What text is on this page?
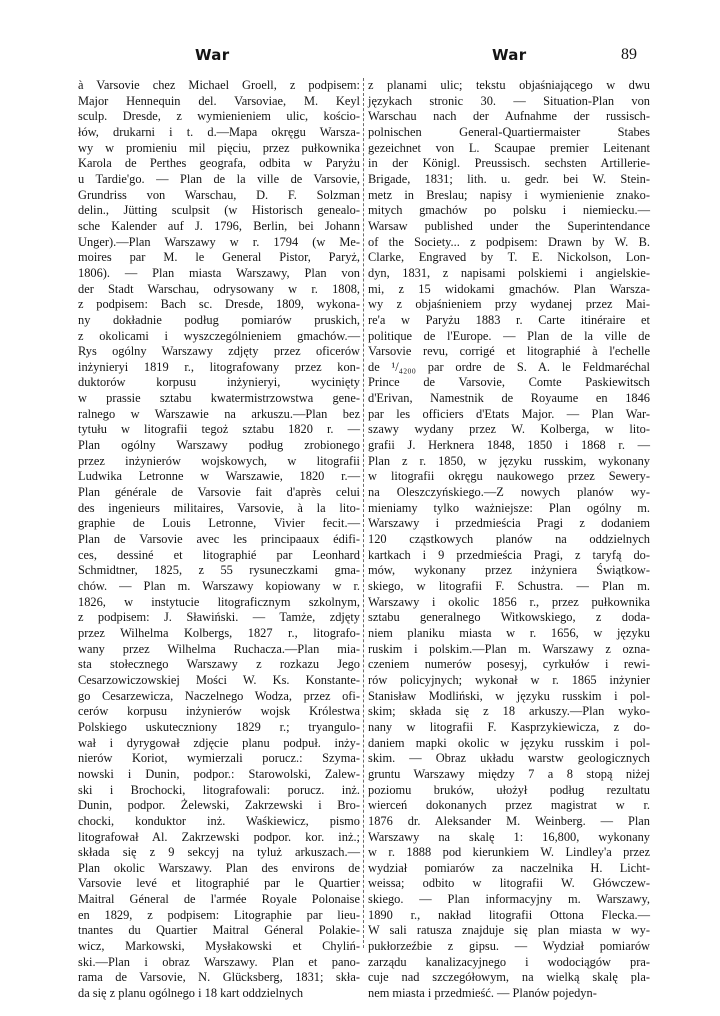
War	War	89
à Varsovie chez Michael Groell, z podpisem:
Major Hennequin del. Varsoviae, M. Keyl
sculp. Dresde, z wymienieniem ulic, kościo-
łów, drukarni i t. d.—Mapa okręgu Warsza-
wy w promieniu mil pięciu, przez pułkownika
Karola de Perthes geografa, odbita w Paryżu
u Tardie'go. — Plan de la ville de Varsovie,
Grundriss von Warschau, D. F. Solzman
delin., Jütting sculpsit (w Historisch genealo-
sche Kalender auf J. 1796, Berlin, bei Johann
Unger).—Plan Warszawy w r. 1794 (w Me-
moires par M. le General Pistor, Paryż,
1806). — Plan miasta Warszawy, Plan von
der Stadt Warschau, odrysowany w r. 1808,
z podpisem: Bach sc. Dresde, 1809, wykona-
ny dokładnie podług pomiarów pruskich,
z okolicami i wyszczególnieniem gmachów.—
Rys ogólny Warszawy zdjęty przez oficerów
inżynieryi 1819 r., litografowany przez kon-
duktorów korpusu inżynieryi, wycinięty
w prassie sztabu kwatermistrzowstwa gene-
ralnego w Warszawie na arkuszu.—Plan bez
tytułu w litografii tegoż sztabu 1820 r. —
Plan ogólny Warszawy podług zrobionego
przez inżynierów wojskowych, w litografii
Ludwika Letronne w Warszawie, 1820 r.—
Plan générale de Varsovie fait d'après celui
des ingenieurs militaires, Varsovie, à la lito-
graphie de Louis Letronne, Vivier fecit.—
Plan de Varsovie avec les principaaux édifi-
ces, dessiné et litographié par Leonhard
Schmidtner, 1825, z 55 rysuneczkami gma-
chów. — Plan m. Warszawy kopiowany w r.
1826, w instytucie litograficznym szkolnym,
z podpisem: J. Sławiński. — Tamże, zdjęty
przez Wilhelma Kolbergs, 1827 r., litografo-
wany przez Wilhelma Ruchacza.—Plan mia-
sta stołecznego Warszawy z rozkazu Jego
Cesarzowiczowskiej Mości W. Ks. Konstante-
go Cesarzewicza, Naczelnego Wodza, przez ofi-
cerów korpusu inżynierów wojsk Królestwa
Polskiego uskuteczniony 1829 r.; tryangulo-
wał i dyrygował zdjęcie planu podpuł. inży-
nierów Koriot, wymierzali porucz.: Szyma-
nowski i Dunin, podpor.: Starowolski, Zalew-
ski i Brochocki, litografowali: porucz. inż.
Dunin, podpor. Żelewski, Zakrzewski i Bro-
chocki, konduktor inż. Waśkiewicz, pismo
litografował Al. Zakrzewski podpor. kor. inż.;
składa się z 9 sekcyj na tyluż arkuszach.—
Plan okolic Warszawy. Plan des environs de
Varsovie levé et litographié par le Quartier
Maitral Géneral de l'armée Royale Polonaise
en 1829, z podpisem: Litographie par lieu-
tnantes du Quartier Maitral Géneral Polakie-
wicz, Markowski, Mysłakowski et Chyliń-
ski.—Plan i obraz Warszawy. Plan et pano-
rama de Varsovie, N. Glücksberg, 1831; skła-
da się z planu ogólnego i 18 kart oddzielnych
z planami ulic; tekstu objaśniającego w dwu
językach stronic 30. — Situation-Plan von
Warschau nach der Aufnahme der russisch-
polnischen General-Quartiermaister Stabes
gezeichnet von L. Scaupae premier Leitenant
in der Königl. Preussisch. sechsten Artillerie-
Brigade, 1831; lith. u. gedr. bei W. Stein-
metz in Breslau; napisy i wymienienie znako-
mitych gmachów po polsku i niemiecku.—
Warsaw published under the Superintendance
of the Society... z podpisem: Drawn by W. B.
Clarke, Engraved by T. E. Nickolson, Lon-
dyn, 1831, z napisami polskiemi i angielskie-
mi, z 15 widokami gmachów. Plan Warsza-
wy z objaśnieniem przy wydanej przez Mai-
re'a w Paryżu 1883 r. Carte itinéraire et
politique de l'Europe. — Plan de la ville de
Varsovie revu, corrigé et litographié à l'echelle
de ¹/₄₂₀₀ par ordre de S. A. le Feldmaréchal
Prince de Varsovie, Comte Paskiewitsch
d'Erivan, Namestnik de Royaume en 1846
par les officiers d'Etats Major. — Plan War-
szawy wydany przez W. Kolberga, w lito-
grafii J. Herknera 1848, 1850 i 1868 r. —
Plan z r. 1850, w języku russkim, wykonany
w litografii okręgu naukowego przez Sewery-
na Oleszczyńskiego.—Z nowych planów wy-
mieniamy tylko ważniejsze: Plan ogólny m.
Warszawy i przedmieścia Pragi z dodaniem
120 cząstkowych planów na oddzielnych
kartkach i 9 przedmieścia Pragi, z taryfą do-
mów, wykonany przez inżyniera Świątkow-
skiego, w litografii F. Schustra. — Plan m.
Warszawy i okolic 1856 r., przez pułkownika
sztabu generalnego Witkowskiego, z doda-
niem planiku miasta w r. 1656, w języku
ruskim i polskim.—Plan m. Warszawy z ozna-
czeniem numerów posesyj, cyrkułów i rewi-
rów policyjnych; wykonał w r. 1865 inżynier
Stanisław Modliński, w języku russkim i pol-
skim; składa się z 18 arkuszy.—Plan wyko-
nany w litografii F. Kasprzykiewicza, z do-
daniem mapki okolic w języku russkim i pol-
skim. — Obraz układu warstw geologicznych
gruntu Warszawy między 7 a 8 stopą niżej
poziomu bruków, ułożył podług rezultatu
wierceń dokonanych przez magistrat w r.
1876 dr. Aleksander M. Weinberg. — Plan
Warszawy na skalę 1: 16,800, wykonany
w r. 1888 pod kierunkiem W. Lindley'a przez
wydział pomiarów za naczelnika H. Licht-
weissa; odbito w litografii W. Główczew-
skiego. — Plan informacyjny m. Warszawy,
1890 r., nakład litografii Ottona Flecka.—
W sali ratusza znajduje się plan miasta w wy-
pukłorzeźbie z gipsu. — Wydział pomiarów
zarządu kanalizacyjnego i wodociągów pra-
cuje nad szczegółowym, na wielką skalę pla-
nem miasta i przedmieść. — Planów pojedyn-
